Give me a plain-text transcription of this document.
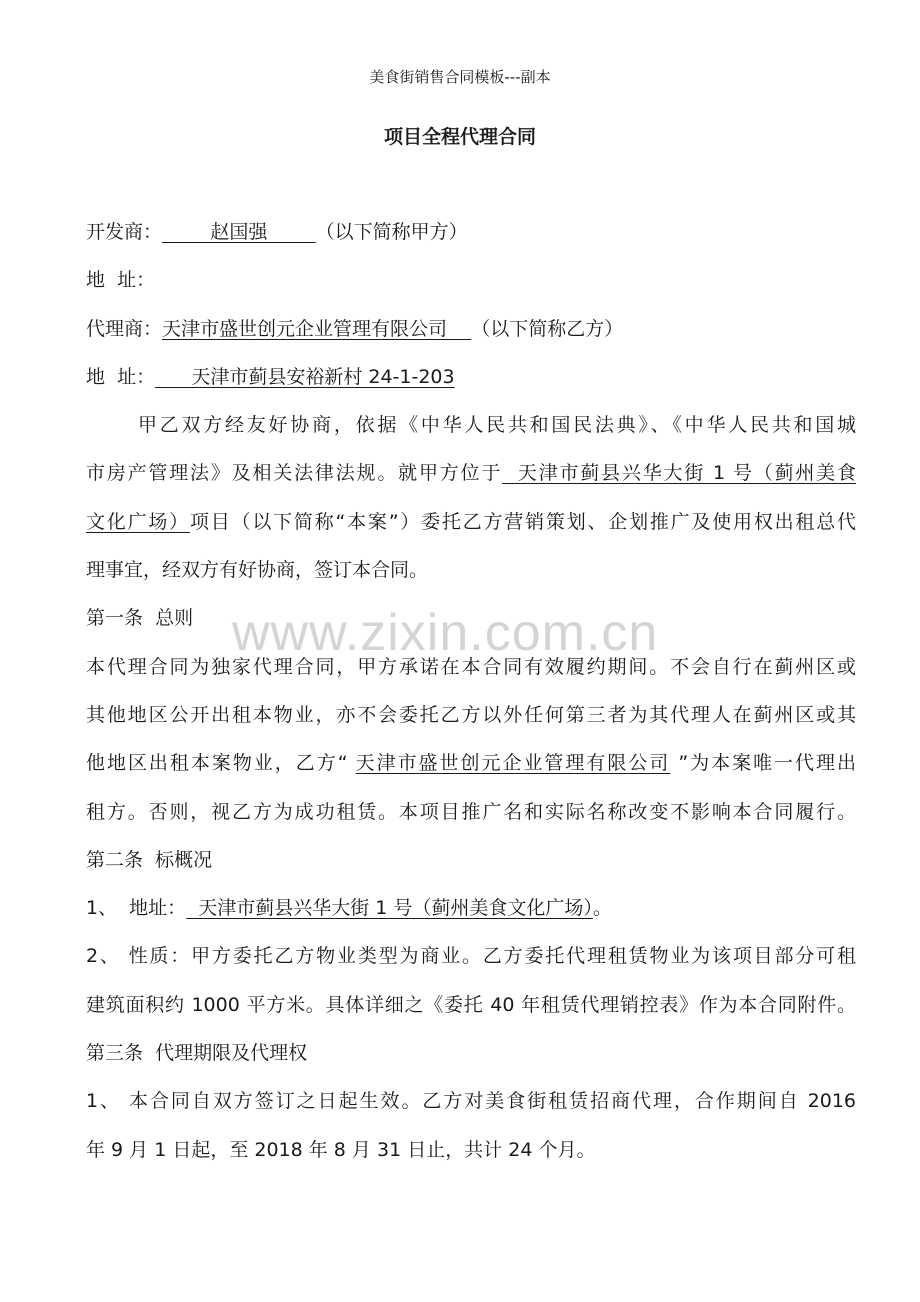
美食街销售合同模板---副本
项目全程代理合同
www.zixin.com.cn
开发商：        赵国强        （以下简称甲方）
地  址：
代理商：天津市盛世创元企业管理有限公司    （以下简称乙方）
地  址：      天津市蓟县安裕新村 24-1-203
甲乙双方经友好协商，依据《中华人民共和国民法典》、《中华人民共和国城
市房产管理法》及相关法律法规。就甲方位于  天津市蓟县兴华大街 1 号（蓟州美食
文化广场）项目（以下简称“本案”）委托乙方营销策划、企划推广及使用权出租总代
理事宜，经双方有好协商，签订本合同。
第一条  总则
本代理合同为独家代理合同，甲方承诺在本合同有效履约期间。不会自行在蓟州区或
其他地区公开出租本物业，亦不会委托乙方以外任何第三者为其代理人在蓟州区或其
他地区出租本案物业，乙方“ 天津市盛世创元企业管理有限公司 ”为本案唯一代理出
租方。否则，视乙方为成功租赁。本项目推广名和实际名称改变不影响本合同履行。
第二条  标概况
1、  地址：  天津市蓟县兴华大街 1 号（蓟州美食文化广场）。
2、 性质：甲方委托乙方物业类型为商业。乙方委托代理租赁物业为该项目部分可租
建筑面积约 1000 平方米。具体详细之《委托 40 年租赁代理销控表》作为本合同附件。
第三条  代理期限及代理权
1、 本合同自双方签订之日起生效。乙方对美食街租赁招商代理，合作期间自 2016
年 9 月 1 日起，至 2018 年 8 月 31 日止，共计 24 个月。
